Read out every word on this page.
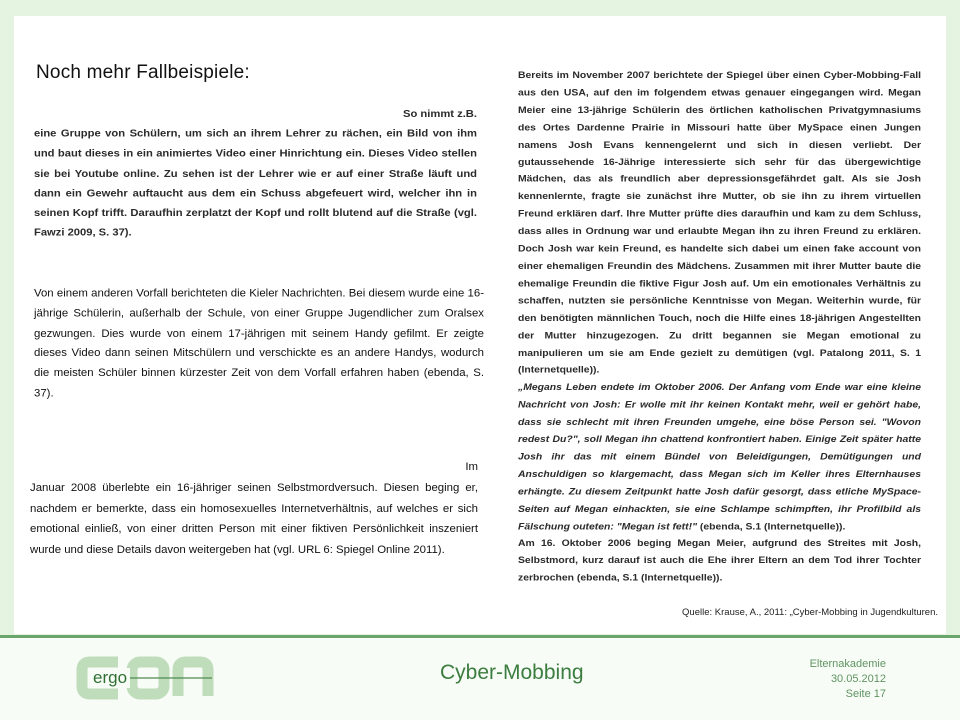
Noch mehr Fallbeispiele:
So nimmt z.B.
eine Gruppe von Schülern, um sich an ihrem Lehrer zu rächen, ein Bild von ihm und baut dieses in ein animiertes Video einer Hinrichtung ein. Dieses Video stellen sie bei Youtube online. Zu sehen ist der Lehrer wie er auf einer Straße läuft und dann ein Gewehr auftaucht aus dem ein Schuss abgefeuert wird, welcher ihn in seinen Kopf trifft. Daraufhin zerplatzt der Kopf und rollt blutend auf die Straße (vgl. Fawzi 2009, S. 37).
Von einem anderen Vorfall berichteten die Kieler Nachrichten. Bei diesem wurde eine 16-jährige Schülerin, außerhalb der Schule, von einer Gruppe Jugendlicher zum Oralsex gezwungen. Dies wurde von einem 17-jährigen mit seinem Handy gefilmt. Er zeigte dieses Video dann seinen Mitschülern und verschickte es an andere Handys, wodurch die meisten Schüler binnen kürzester Zeit von dem Vorfall erfahren haben (ebenda, S. 37).
Im
Januar 2008 überlebte ein 16-jähriger seinen Selbstmordversuch. Diesen beging er, nachdem er bemerkte, dass ein homosexuelles Internetverhältnis, auf welches er sich emotional einließ, von einer dritten Person mit einer fiktiven Persönlichkeit inszeniert wurde und diese Details davon weitergeben hat (vgl. URL 6: Spiegel Online 2011).
Bereits im November 2007 berichtete der Spiegel über einen Cyber-Mobbing-Fall aus den USA, auf den im folgendem etwas genauer eingegangen wird. Megan Meier eine 13-jährige Schülerin des örtlichen katholischen Privatgymnasiums des Ortes Dardenne Prairie in Missouri hatte über MySpace einen Jungen namens Josh Evans kennengelernt und sich in diesen verliebt. Der gutaussehende 16-Jährige interessierte sich sehr für das übergewichtige Mädchen, das als freundlich aber depressionsgefährdet galt. Als sie Josh kennenlernte, fragte sie zunächst ihre Mutter, ob sie ihn zu ihrem virtuellen Freund erklären darf. Ihre Mutter prüfte dies daraufhin und kam zu dem Schluss, dass alles in Ordnung war und erlaubte Megan ihn zu ihren Freund zu erklären. Doch Josh war kein Freund, es handelte sich dabei um einen fake account von einer ehemaligen Freundin des Mädchens. Zusammen mit ihrer Mutter baute die ehemalige Freundin die fiktive Figur Josh auf. Um ein emotionales Verhältnis zu schaffen, nutzten sie persönliche Kenntnisse von Megan. Weiterhin wurde, für den benötigten männlichen Touch, noch die Hilfe eines 18-jährigen Angestellten der Mutter hinzugezogen. Zu dritt begannen sie Megan emotional zu manipulieren um sie am Ende gezielt zu demütigen (vgl. Patalong 2011, S. 1 (Internetquelle)).
„Megans Leben endete im Oktober 2006. Der Anfang vom Ende war eine kleine Nachricht von Josh: Er wolle mit ihr keinen Kontakt mehr, weil er gehört habe, dass sie schlecht mit ihren Freunden umgehe, eine böse Person sei. "Wovon redest Du?", soll Megan ihn chattend konfrontiert haben. Einige Zeit später hatte Josh ihr das mit einem Bündel von Beleidigungen, Demütigungen und Anschuldigen so klargemacht, dass Megan sich im Keller ihres Elternhauses erhängte. Zu diesem Zeitpunkt hatte Josh dafür gesorgt, dass etliche MySpace-Seiten auf Megan einhackten, sie eine Schlampe schimpften, ihr Profilbild als Fälschung outeten: "Megan ist fett!" (ebenda, S.1 (Internetquelle)).
Am 16. Oktober 2006 beging Megan Meier, aufgrund des Streites mit Josh, Selbstmord, kurz darauf ist auch die Ehe ihrer Eltern an dem Tod ihrer Tochter zerbrochen (ebenda, S.1 (Internetquelle)).
Quelle: Krause, A., 2011: „Cyber-Mobbing in Jugendkulturen.
ergo	Cyber-Mobbing	Elternakademie
30.05.2012
Seite 17
